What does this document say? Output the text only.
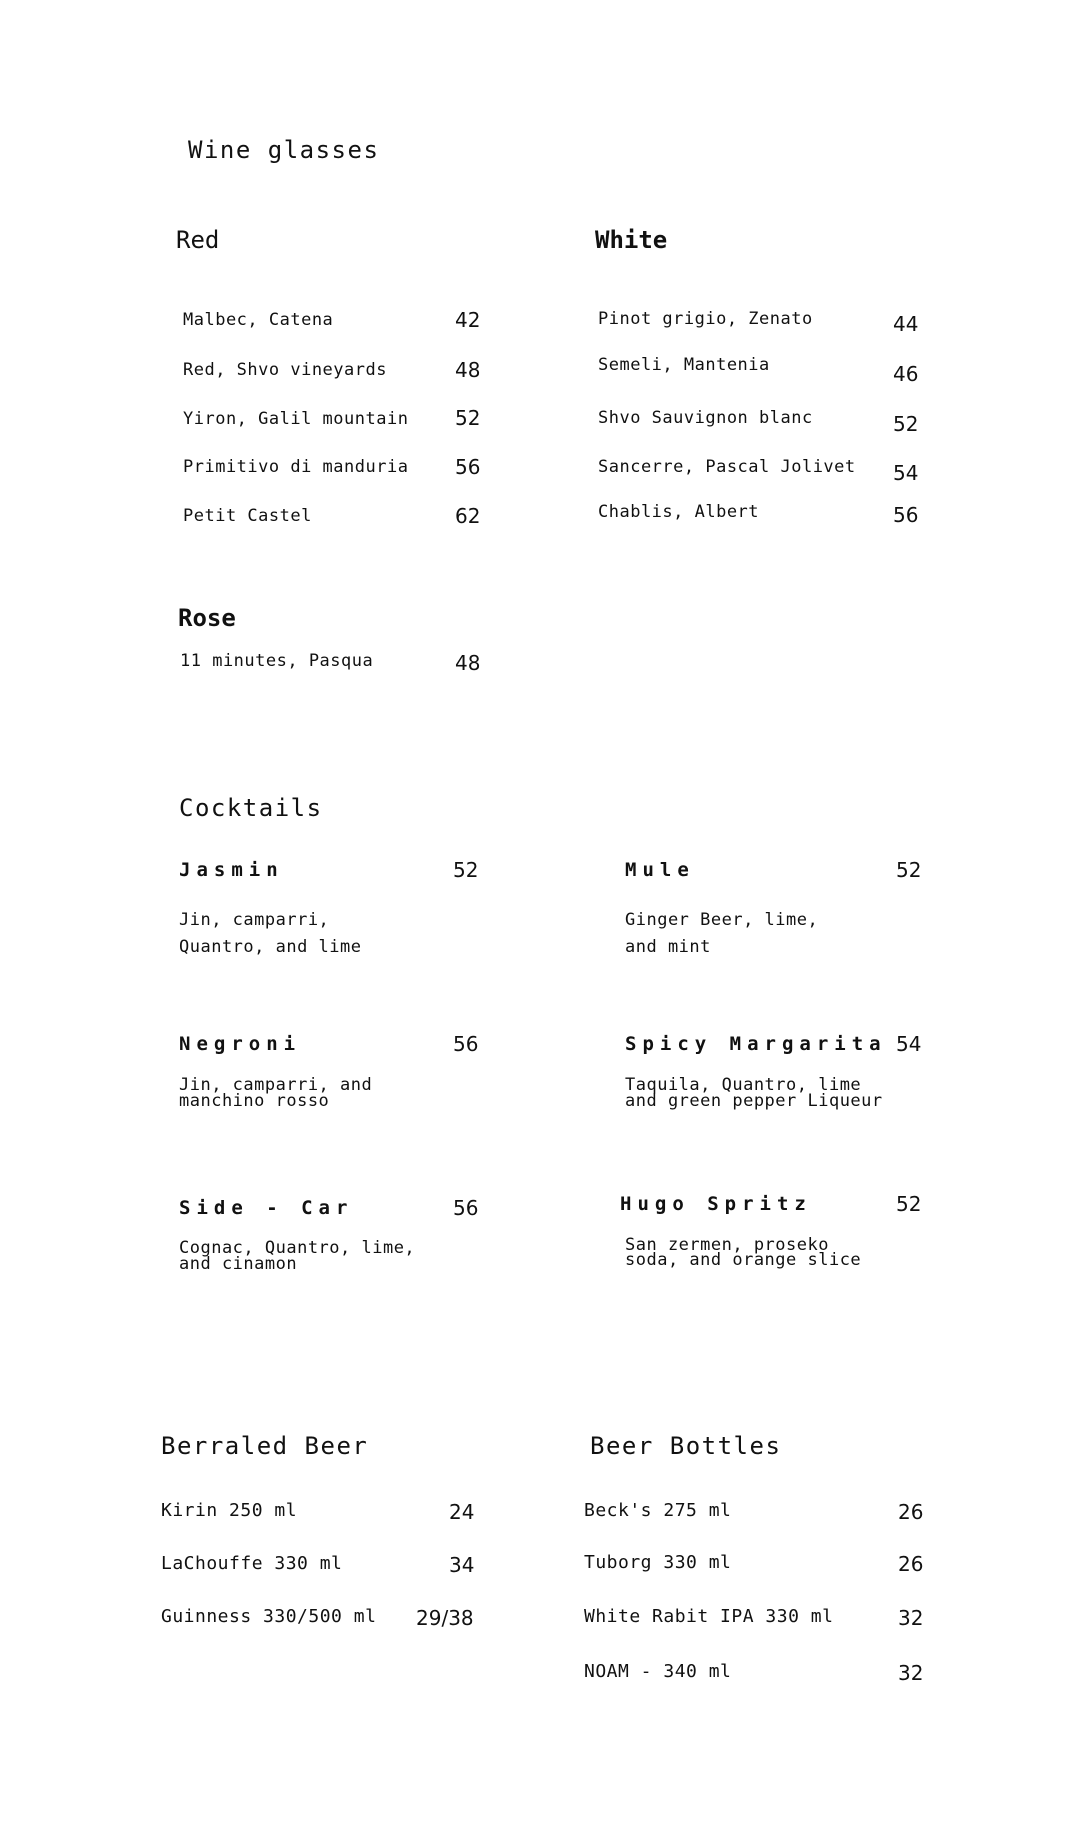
Wine glasses
Red	White
Malbec, Catena	42
Red, Shvo vineyards	48
Yiron, Galil mountain 52
Primitivo di manduria 56
Petit Castel	62
Pinot grigio, Zenato	44
Semeli, Mantenia	46
Shvo Sauvignon blanc	52
Sancerre, Pascal Jolivet 54
Chablis, Albert	56
Rose
11 minutes, Pasqua	48
Cocktails
Jasmin	52
Jin, camparri,
Quantro, and lime
Mule	52
Ginger Beer, lime,
and mint
Negroni	56
Jin, camparri, and
manchino rosso
Spicy Margarita 54
Taquila, Quantro, lime
and green pepper Liqueur
Side - Car	56
Cognac, Quantro, lime,
and cinamon
Hugo Spritz	52
San zermen, proseko
soda, and orange slice
Berraled Beer	Beer Bottles
Kirin 250 ml	24
LaChouffe 330 ml	34
Guinness 330/500 ml 29/38
Beck's 275 ml	26
Tuborg 330 ml	26
White Rabit IPA 330 ml	32
NOAM - 340 ml	32
